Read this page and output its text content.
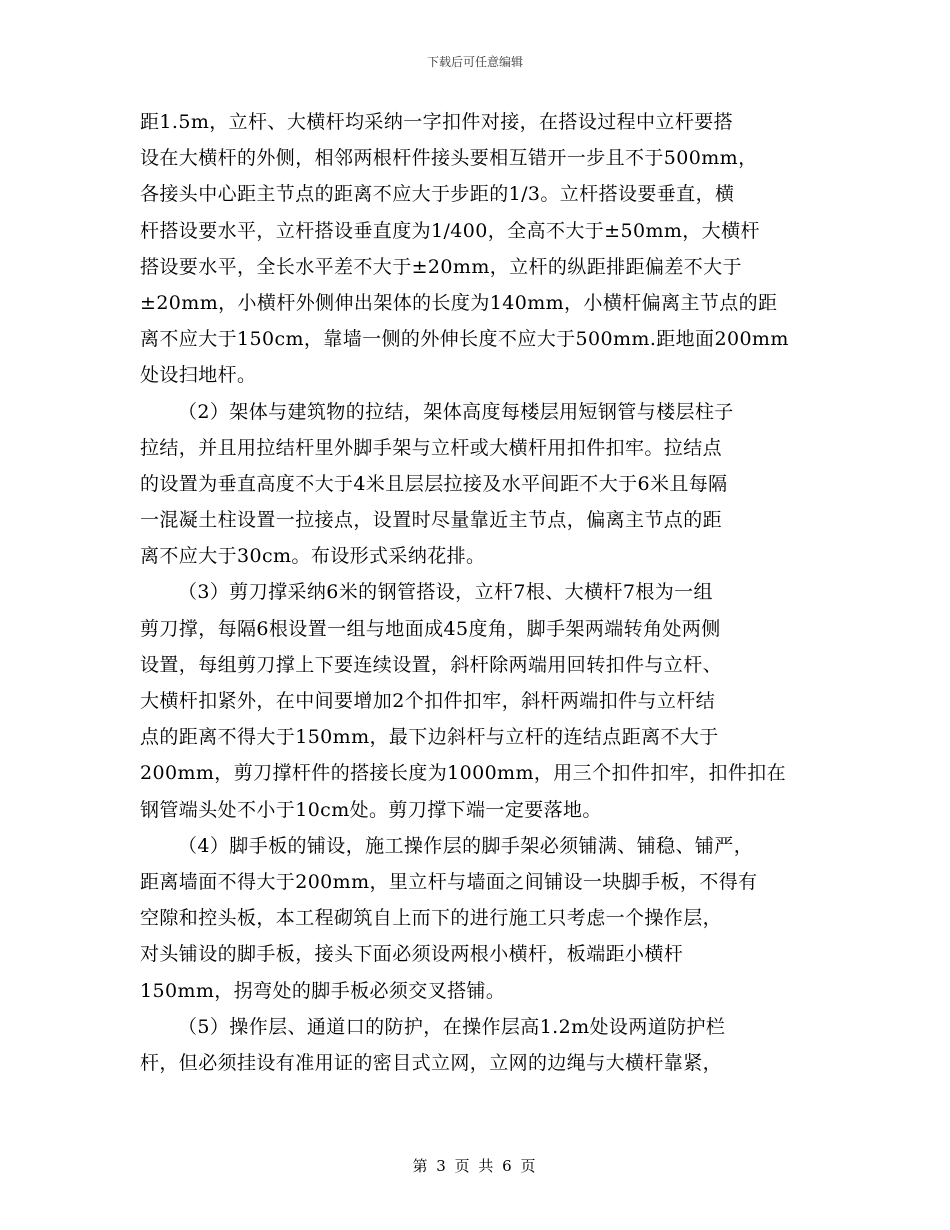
下载后可任意编辑
距1.5m，立杆、大横杆均采纳一字扣件对接，在搭设过程中立杆要搭
设在大横杆的外侧，相邻两根杆件接头要相互错开一步且不于500mm，
各接头中心距主节点的距离不应大于步距的1/3。立杆搭设要垂直，横
杆搭设要水平，立杆搭设垂直度为1/400，全高不大于±50mm，大横杆
搭设要水平，全长水平差不大于±20mm，立杆的纵距排距偏差不大于
±20mm，小横杆外侧伸出架体的长度为140mm，小横杆偏离主节点的距
离不应大于150cm，靠墙一侧的外伸长度不应大于500mm.距地面200mm
处设扫地杆。
（2）架体与建筑物的拉结，架体高度每楼层用短钢管与楼层柱子
拉结，并且用拉结杆里外脚手架与立杆或大横杆用扣件扣牢。拉结点
的设置为垂直高度不大于4米且层层拉接及水平间距不大于6米且每隔
一混凝土柱设置一拉接点，设置时尽量靠近主节点，偏离主节点的距
离不应大于30cm。布设形式采纳花排。
（3）剪刀撑采纳6米的钢管搭设，立杆7根、大横杆7根为一组
剪刀撑，每隔6根设置一组与地面成45度角，脚手架两端转角处两侧
设置，每组剪刀撑上下要连续设置，斜杆除两端用回转扣件与立杆、
大横杆扣紧外，在中间要增加2个扣件扣牢，斜杆两端扣件与立杆结
点的距离不得大于150mm，最下边斜杆与立杆的连结点距离不大于
200mm，剪刀撑杆件的搭接长度为1000mm，用三个扣件扣牢，扣件扣在
钢管端头处不小于10cm处。剪刀撑下端一定要落地。
（4）脚手板的铺设，施工操作层的脚手架必须铺满、铺稳、铺严，
距离墙面不得大于200mm，里立杆与墙面之间铺设一块脚手板，不得有
空隙和控头板，本工程砌筑自上而下的进行施工只考虑一个操作层，
对头铺设的脚手板，接头下面必须设两根小横杆，板端距小横杆
150mm，拐弯处的脚手板必须交叉搭铺。
（5）操作层、通道口的防护，在操作层高1.2m处设两道防护栏
杆，但必须挂设有准用证的密目式立网，立网的边绳与大横杆靠紧，
第 3 页 共 6 页
